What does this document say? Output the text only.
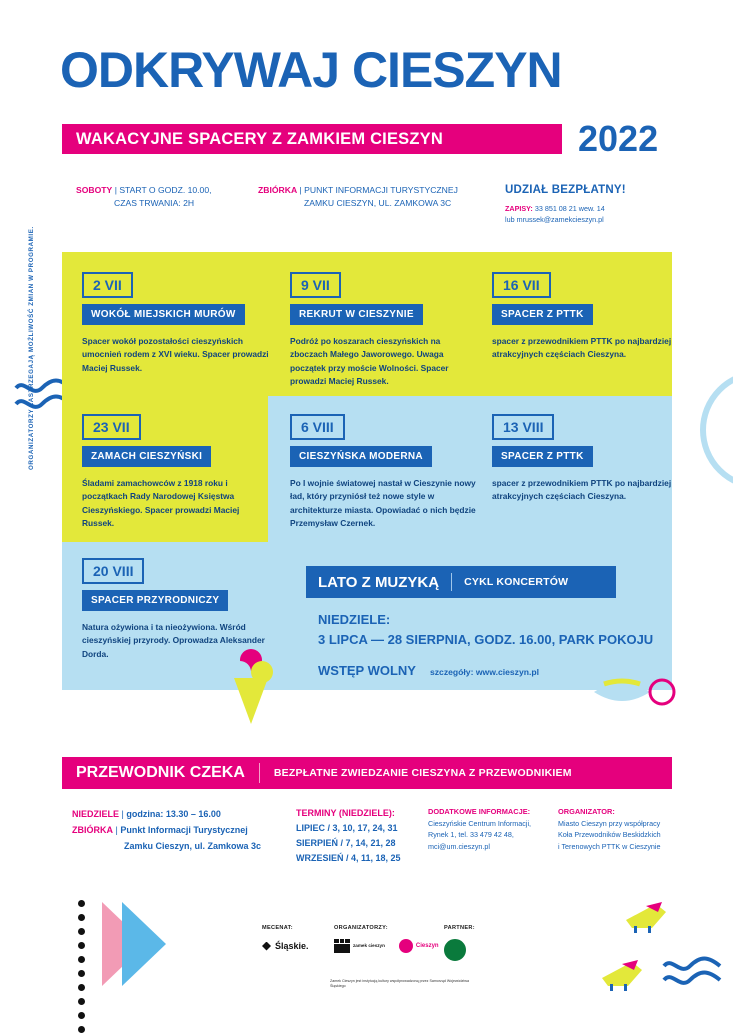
ODKRYWAJ CIESZYN
WAKACYJNE SPACERY Z ZAMKIEM CIESZYN	2022
SOBOTY | START O GODZ. 10.00,
CZAS TRWANIA: 2H
ZBIÓRKA | PUNKT INFORMACJI TURYSTYCZNEJ
ZAMKU CIESZYN, UL. ZAMKOWA 3C
UDZIAŁ BEZPŁATNY!
ZAPISY: 33 851 08 21 wew. 14
lub mrussek@zamekcieszyn.pl
2 VII
WOKÓŁ MIEJSKICH MURÓW
Spacer wokół pozostałości cieszyńskich umocnień rodem z XVI wieku. Spacer prowadzi Maciej Russek.
9 VII
REKRUT W CIESZYNIE
Podróż po koszarach cieszyńskich na zboczach Małego Jaworowego. Uwaga początek przy moście Wolności. Spacer prowadzi Maciej Russek.
16 VII
SPACER Z PTTK
spacer z przewodnikiem PTTK po najbardziej atrakcyjnych częściach Cieszyna.
23 VII
ZAMACH CIESZYŃSKI
Śladami zamachowców z 1918 roku i początkach Rady Narodowej Księstwa Cieszyńskiego. Spacer prowadzi Maciej Russek.
6 VIII
CIESZYŃSKA MODERNA
Po I wojnie światowej nastał w Cieszynie nowy ład, który przyniósł też nowe style w architekturze miasta. Opowiadać o nich będzie Przemysław Czernek.
13 VIII
SPACER Z PTTK
spacer z przewodnikiem PTTK po najbardziej atrakcyjnych częściach Cieszyna.
20 VIII
SPACER PRZYRODNICZY
Natura ożywiona i ta nieożywiona. Wśród cieszyńskiej przyrody. Oprowadza Aleksander Dorda.
LATO Z MUZYKĄ CYKL KONCERTÓW
NIEDZIELE:
3 LIPCA — 28 SIERPNIA, GODZ. 16.00, PARK POKOJU
WSTĘP WOLNY szczegóły: www.cieszyn.pl
ORGANIZATORZY ZASTRZEGAJĄ MOŻLIWOŚĆ ZMIAN W PROGRAMIE.
PRZEWODNIK CZEKA	BEZPŁATNE ZWIEDZANIE CIESZYNA Z PRZEWODNIKIEM
NIEDZIELE | godzina: 13.30 – 16.00
ZBIÓRKA | Punkt Informacji Turystycznej
Zamku Cieszyn, ul. Zamkowa 3c
TERMINY (NIEDZIELE):
LIPIEC / 3, 10, 17, 24, 31
SIERPIEŃ / 7, 14, 21, 28
WRZESIEŃ / 4, 11, 18, 25
DODATKOWE INFORMACJE:
Cieszyńskie Centrum Informacji,
Rynek 1, tel. 33 479 42 48,
mci@um.cieszyn.pl
ORGANIZATOR:
Miasto Cieszyn przy współpracy
Koła Przewodników Beskidzkich
i Terenowych PTTK w Cieszynie
MECENAT:
Śląskie.
ORGANIZATORZY:
zamek cieszyn	Cieszyn
PARTNER:
Zamek Cieszyn jest instytucją kultury współprowadzoną przez Samorząd Województwa Śląskiego
